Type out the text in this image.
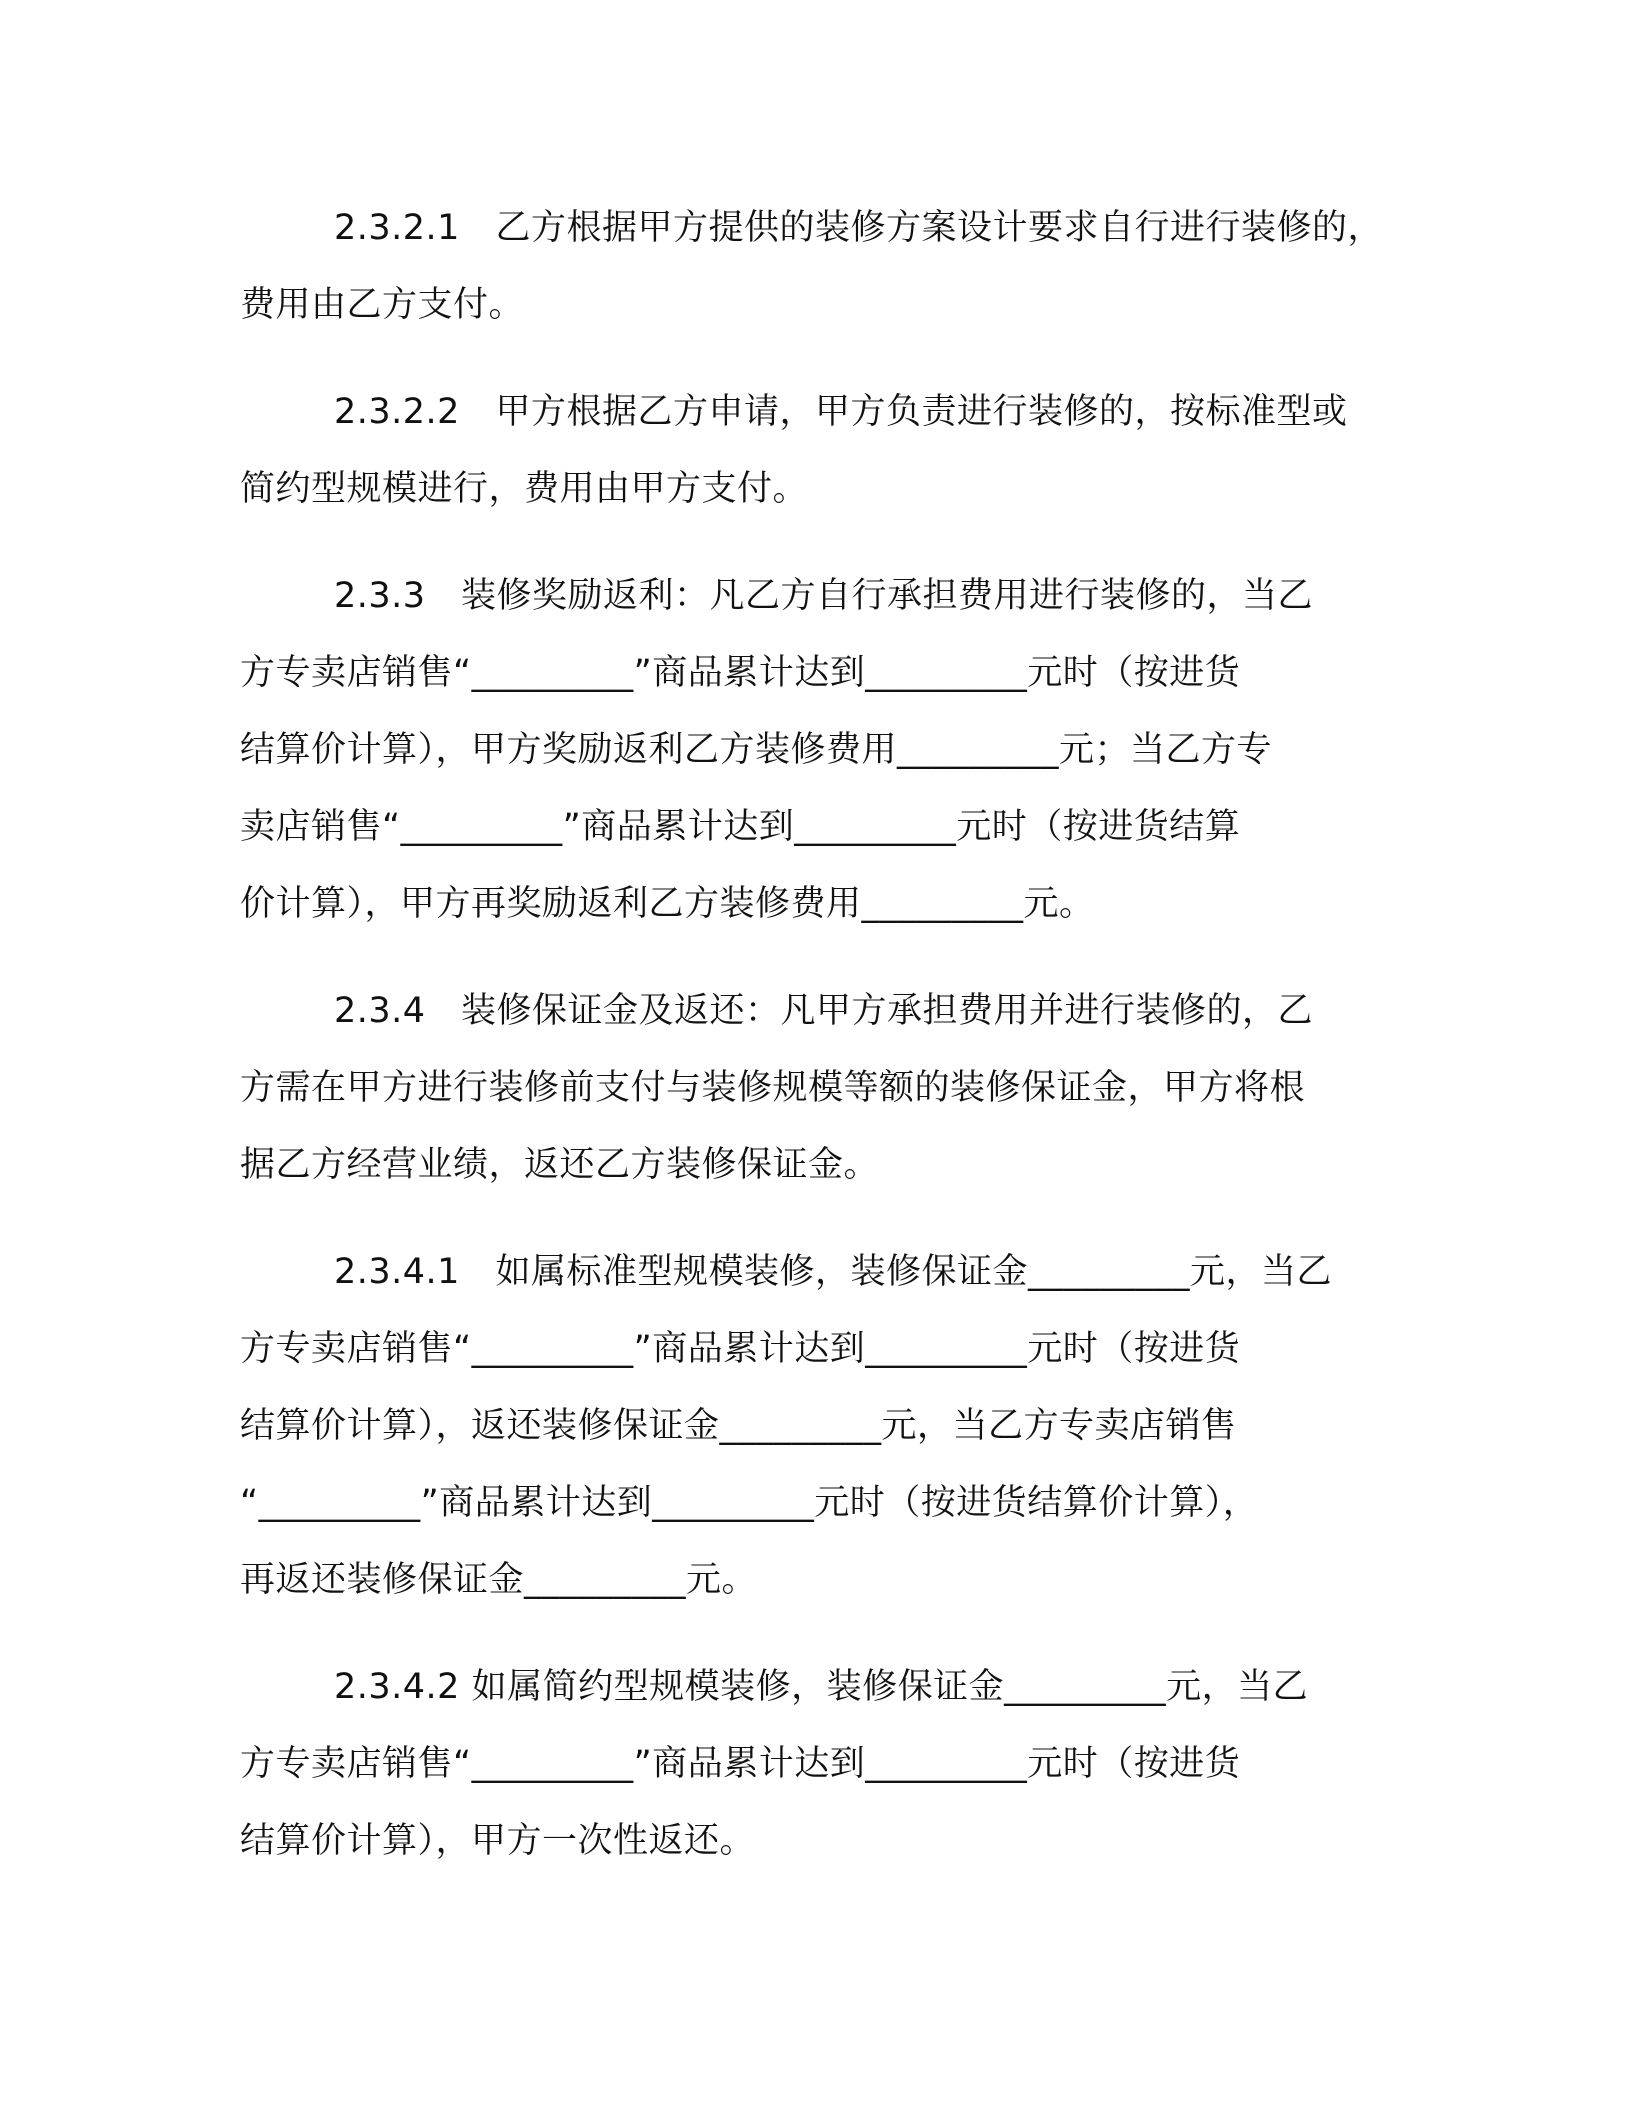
2.3.2.1　乙方根据甲方提供的装修方案设计要求自行进行装修的，
费用由乙方支付。
2.3.2.2　甲方根据乙方申请，甲方负责进行装修的，按标准型或
简约型规模进行，费用由甲方支付。
2.3.3　装修奖励返利：凡乙方自行承担费用进行装修的，当乙
方专卖店销售“_________”商品累计达到_________元时（按进货
结算价计算），甲方奖励返利乙方装修费用_________元；当乙方专
卖店销售“_________”商品累计达到_________元时（按进货结算
价计算），甲方再奖励返利乙方装修费用_________元。
2.3.4　装修保证金及返还：凡甲方承担费用并进行装修的，乙
方需在甲方进行装修前支付与装修规模等额的装修保证金，甲方将根
据乙方经营业绩，返还乙方装修保证金。
2.3.4.1　如属标准型规模装修，装修保证金_________元，当乙
方专卖店销售“_________”商品累计达到_________元时（按进货
结算价计算），返还装修保证金_________元，当乙方专卖店销售
“_________”商品累计达到_________元时（按进货结算价计算），
再返还装修保证金_________元。
2.3.4.2 如属简约型规模装修，装修保证金_________元，当乙
方专卖店销售“_________”商品累计达到_________元时（按进货
结算价计算），甲方一次性返还。
